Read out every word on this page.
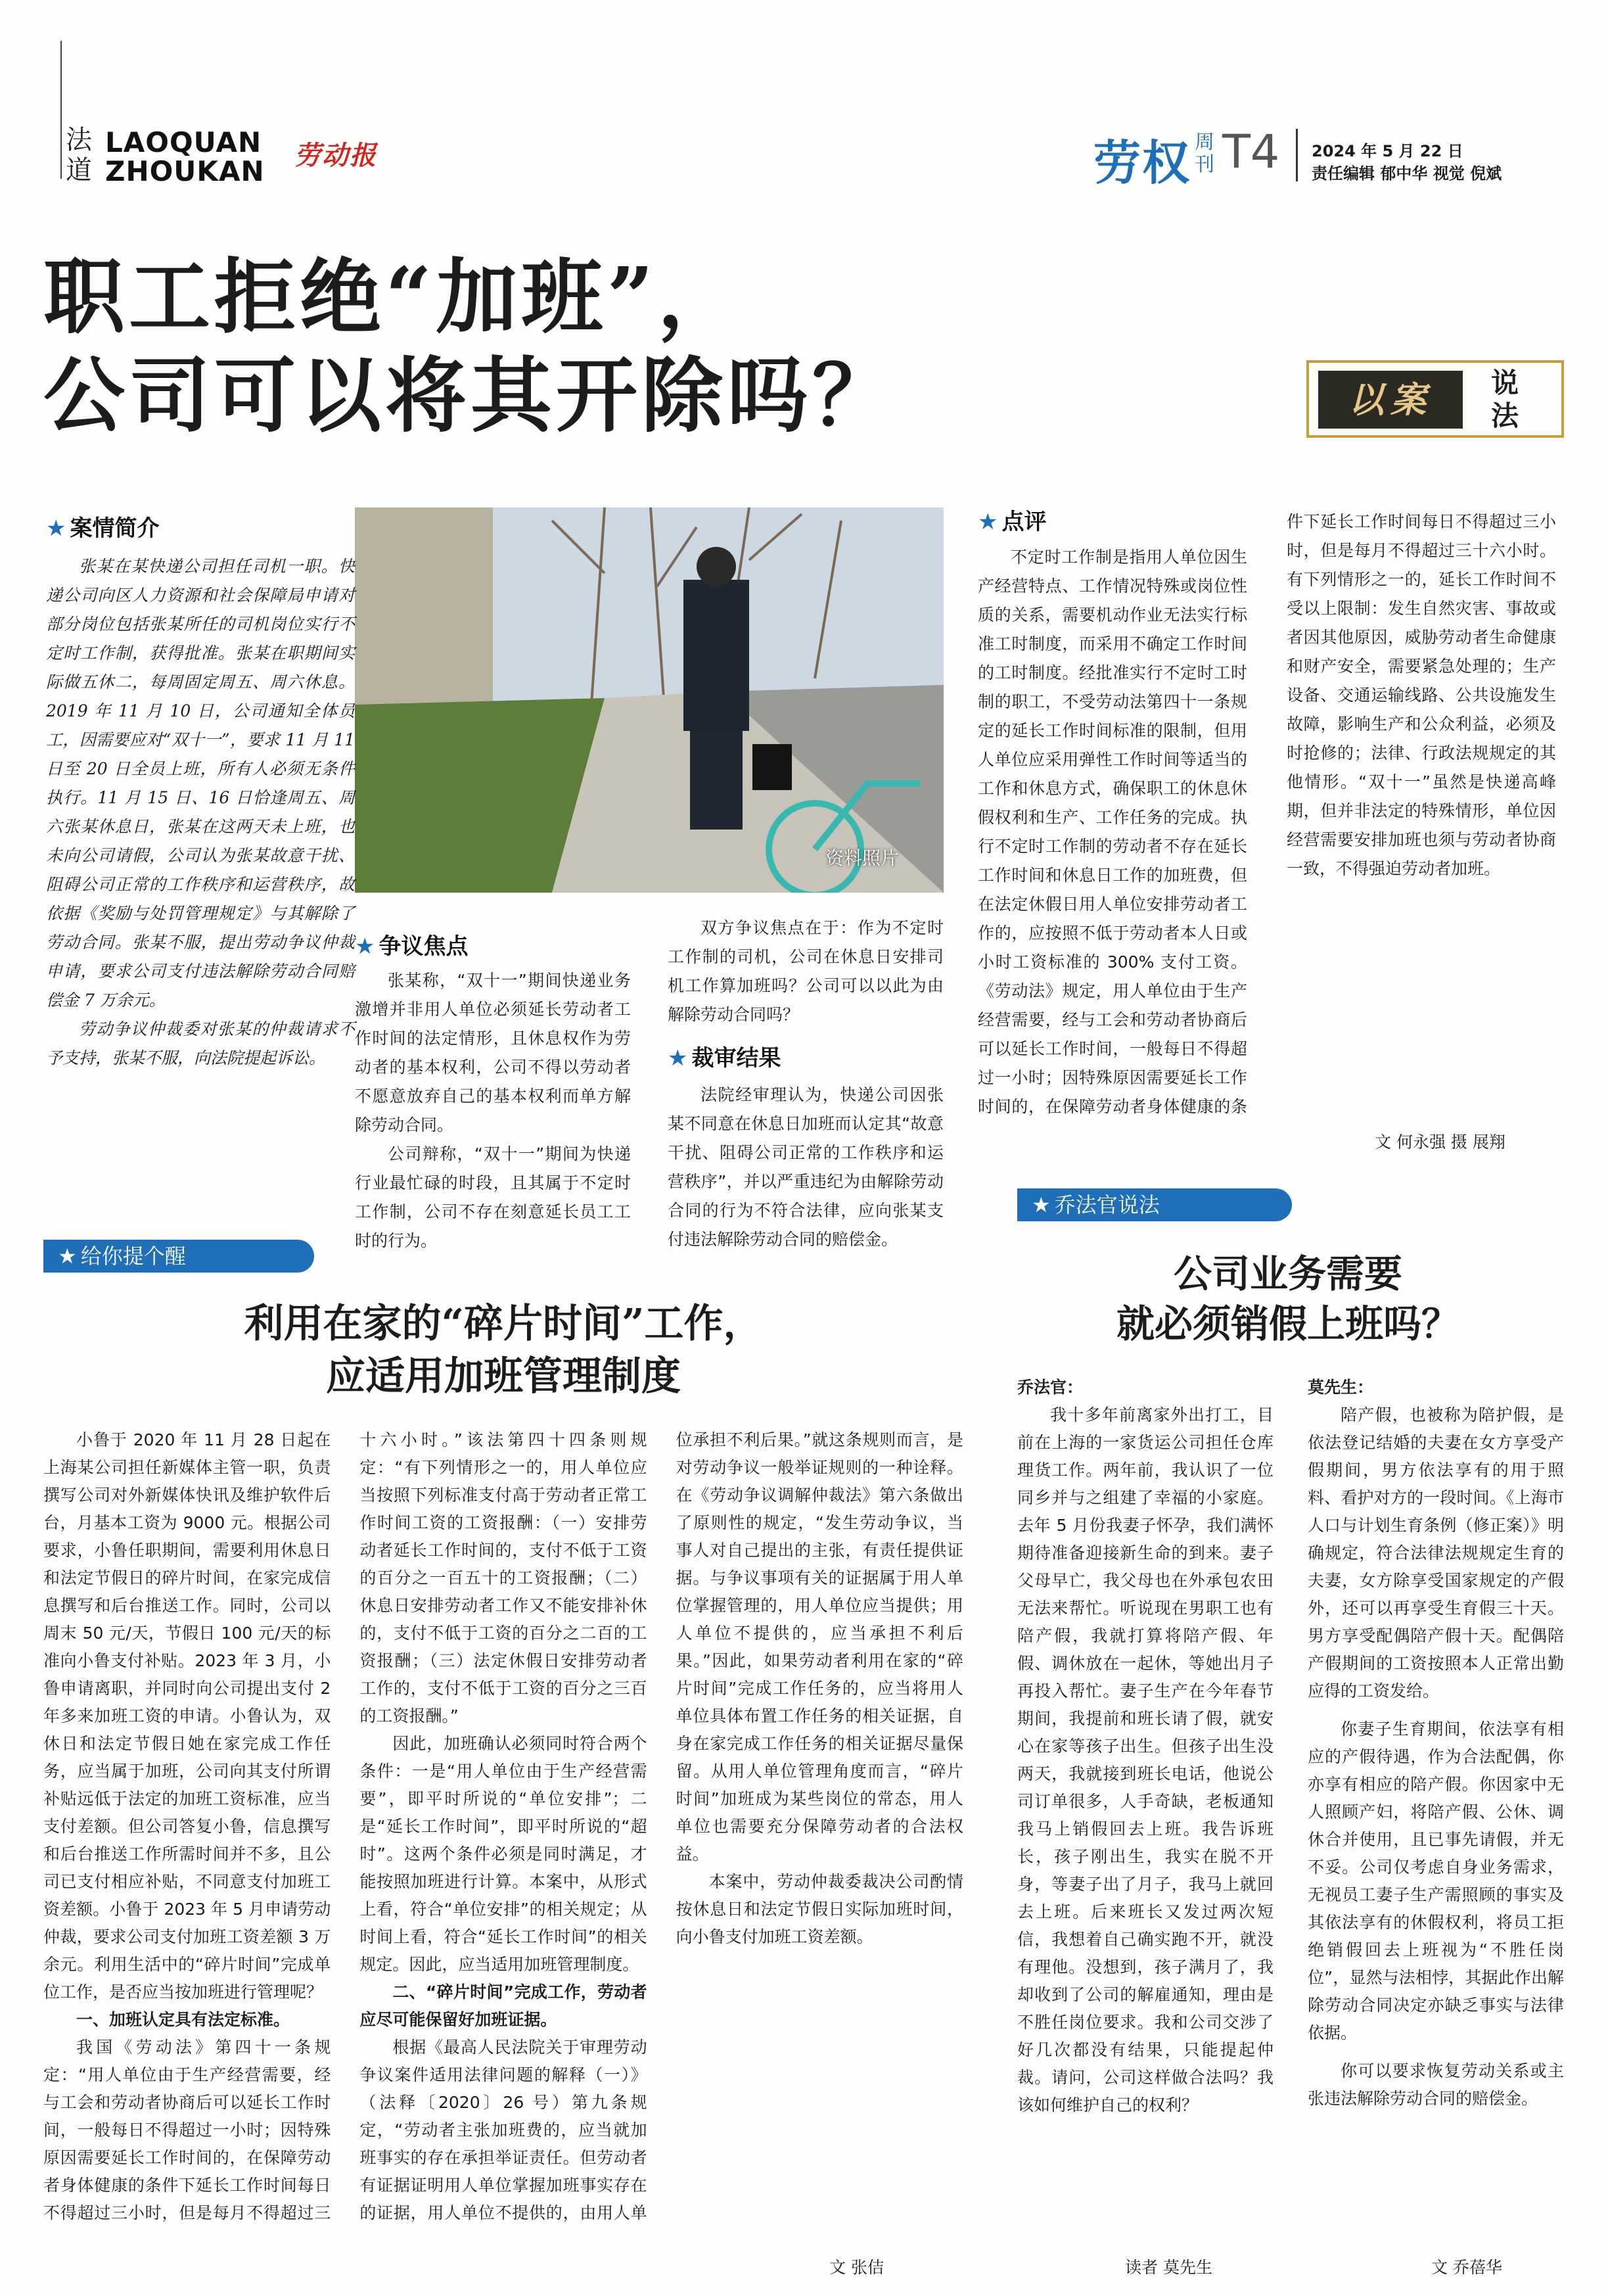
法道
LAOQUAN
ZHOUKAN 劳动报	劳权 周刊 T4 2024 年 5 月 22 日
责任编辑 郁中华 视觉 倪斌
职工拒绝“加班”，
公司可以将其开除吗？	以案	说法
资料照片
★ 案情简介

张某在某快递公司担任司机一职。快递公司向区人力资源和社会保障局申请对部分岗位包括张某所任的司机岗位实行不定时工作制，获得批准。张某在职期间实际做五休二，每周固定周五、周六休息。2019 年 11 月 10 日，公司通知全体员工，因需要应对“双十一”，要求 11 月 11 日至 20 日全员上班，所有人必须无条件执行。11 月 15 日、16 日恰逢周五、周六张某休息日，张某在这两天未上班，也未向公司请假，公司认为张某故意干扰、阻碍公司正常的工作秩序和运营秩序，故依据《奖励与处罚管理规定》与其解除了劳动合同。张某不服，提出劳动争议仲裁申请，要求公司支付违法解除劳动合同赔偿金 7 万余元。

劳动争议仲裁委对张某的仲裁请求不予支持，张某不服，向法院提起诉讼。

★ 争议焦点

张某称，“双十一”期间快递业务激增并非用人单位必须延长劳动者工作时间的法定情形，且休息权作为劳动者的基本权利，公司不得以劳动者不愿意放弃自己的基本权利而单方解除劳动合同。

公司辩称，“双十一”期间为快递行业最忙碌的时段，且其属于不定时工作制，公司不存在刻意延长员工工时的行为。

双方争议焦点在于：作为不定时工作制的司机，公司在休息日安排司机工作算加班吗？公司可以以此为由解除劳动合同吗？

★ 裁审结果

法院经审理认为，快递公司因张某不同意在休息日加班而认定其“故意干扰、阻碍公司正常的工作秩序和运营秩序”，并以严重违纪为由解除劳动合同的行为不符合法律，应向张某支付违法解除劳动合同的赔偿金。

★ 点评

不定时工作制是指用人单位因生产经营特点、工作情况特殊或岗位性质的关系，需要机动作业无法实行标准工时制度，而采用不确定工作时间的工时制度。经批准实行不定时工时制的职工，不受劳动法第四十一条规定的延长工作时间标准的限制，但用人单位应采用弹性工作时间等适当的工作和休息方式，确保职工的休息休假权利和生产、工作任务的完成。执行不定时工作制的劳动者不存在延长工作时间和休息日工作的加班费，但在法定休假日用人单位安排劳动者工作的，应按照不低于劳动者本人日或小时工资标准的 300% 支付工资。《劳动法》规定，用人单位由于生产经营需要，经与工会和劳动者协商后可以延长工作时间，一般每日不得超过一小时；因特殊原因需要延长工作时间的，在保障劳动者身体健康的条件下延长工作时间每日不得超过三小时，但是每月不得超过三十六小时。有下列情形之一的，延长工作时间不受以上限制：发生自然灾害、事故或者因其他原因，威胁劳动者生命健康和财产安全，需要紧急处理的；生产设备、交通运输线路、公共设施发生故障，影响生产和公众利益，必须及时抢修的；法律、行政法规规定的其他情形。“双十一”虽然是快递高峰期，但并非法定的特殊情形，单位因经营需要安排加班也须与劳动者协商一致，不得强迫劳动者加班。

文 何永强 摄 展翔
★ 给你提个醒
利用在家的“碎片时间”工作，
应适用加班管理制度

小鲁于 2020 年 11 月 28 日起在上海某公司担任新媒体主管一职，负责撰写公司对外新媒体快讯及维护软件后台，月基本工资为 9000 元。根据公司要求，小鲁任职期间，需要利用休息日和法定节假日的碎片时间，在家完成信息撰写和后台推送工作。同时，公司以周末 50 元/天，节假日 100 元/天的标准向小鲁支付补贴。2023 年 3 月，小鲁申请离职，并同时向公司提出支付 2 年多来加班工资的申请。小鲁认为，双休日和法定节假日她在家完成工作任务，应当属于加班，公司向其支付所谓补贴远低于法定的加班工资标准，应当支付差额。但公司答复小鲁，信息撰写和后台推送工作所需时间并不多，且公司已支付相应补贴，不同意支付加班工资差额。小鲁于 2023 年 5 月申请劳动仲裁，要求公司支付加班工资差额 3 万余元。利用生活中的“碎片时间”完成单位工作，是否应当按加班进行管理呢？

一、加班认定具有法定标准。

我国《劳动法》第四十一条规定：“用人单位由于生产经营需要，经与工会和劳动者协商后可以延长工作时间，一般每日不得超过一小时；因特殊原因需要延长工作时间的，在保障劳动者身体健康的条件下延长工作时间每日不得超过三小时，但是每月不得超过三十六小时。”该法第四十四条则规定：“有下列情形之一的，用人单位应当按照下列标准支付高于劳动者正常工作时间工资的工资报酬：（一）安排劳动者延长工作时间的，支付不低于工资的百分之一百五十的工资报酬；（二）休息日安排劳动者工作又不能安排补休的，支付不低于工资的百分之二百的工资报酬；（三）法定休假日安排劳动者工作的，支付不低于工资的百分之三百的工资报酬。”

因此，加班确认必须同时符合两个条件：一是“用人单位由于生产经营需要”，即平时所说的“单位安排”；二是“延长工作时间”，即平时所说的“超时”。这两个条件必须是同时满足，才能按照加班进行计算。本案中，从形式上看，符合“单位安排”的相关规定；从时间上看，符合“延长工作时间”的相关规定。因此，应当适用加班管理制度。

二、“碎片时间”完成工作，劳动者应尽可能保留好加班证据。

根据《最高人民法院关于审理劳动争议案件适用法律问题的解释（一）》（法释〔2020〕26 号）第九条规定，“劳动者主张加班费的，应当就加班事实的存在承担举证责任。但劳动者有证据证明用人单位掌握加班事实存在的证据，用人单位不提供的，由用人单位承担不利后果。”就这条规则而言，是对劳动争议一般举证规则的一种诠释。在《劳动争议调解仲裁法》第六条做出了原则性的规定，“发生劳动争议，当事人对自己提出的主张，有责任提供证据。与争议事项有关的证据属于用人单位掌握管理的，用人单位应当提供；用人单位不提供的，应当承担不利后果。”因此，如果劳动者利用在家的“碎片时间”完成工作任务的，应当将用人单位具体布置工作任务的相关证据，自身在家完成工作任务的相关证据尽量保留。从用人单位管理角度而言，“碎片时间”加班成为某些岗位的常态，用人单位也需要充分保障劳动者的合法权益。

本案中，劳动仲裁委裁决公司酌情按休息日和法定节假日实际加班时间，向小鲁支付加班工资差额。

文 张佶
★ 乔法官说法
公司业务需要
就必须销假上班吗？
乔法官：

我十多年前离家外出打工，目前在上海的一家货运公司担任仓库理货工作。两年前，我认识了一位同乡并与之组建了幸福的小家庭。去年 5 月份我妻子怀孕，我们满怀期待准备迎接新生命的到来。妻子父母早亡，我父母也在外承包农田无法来帮忙。听说现在男职工也有陪产假，我就打算将陪产假、年假、调休放在一起休，等她出月子再投入帮忙。妻子生产在今年春节期间，我提前和班长请了假，就安心在家等孩子出生。但孩子出生没两天，我就接到班长电话，他说公司订单很多，人手奇缺，老板通知我马上销假回去上班。我告诉班长，孩子刚出生，我实在脱不开身，等妻子出了月子，我马上就回去上班。后来班长又发过两次短信，我想着自己确实跑不开，就没有理他。没想到，孩子满月了，我却收到了公司的解雇通知，理由是不胜任岗位要求。我和公司交涉了好几次都没有结果，只能提起仲裁。请问，公司这样做合法吗？我该如何维护自己的权利？

读者 莫先生
莫先生：

陪产假，也被称为陪护假，是依法登记结婚的夫妻在女方享受产假期间，男方依法享有的用于照料、看护对方的一段时间。《上海市人口与计划生育条例（修正案）》明确规定，符合法律法规规定生育的夫妻，女方除享受国家规定的产假外，还可以再享受生育假三十天。男方享受配偶陪产假十天。配偶陪产假期间的工资按照本人正常出勤应得的工资发给。

你妻子生育期间，依法享有相应的产假待遇，作为合法配偶，你亦享有相应的陪产假。你因家中无人照顾产妇，将陪产假、公休、调休合并使用，且已事先请假，并无不妥。公司仅考虑自身业务需求，无视员工妻子生产需照顾的事实及其依法享有的休假权利，将员工拒绝销假回去上班视为“不胜任岗位”，显然与法相悖，其据此作出解除劳动合同决定亦缺乏事实与法律依据。

你可以要求恢复劳动关系或主张违法解除劳动合同的赔偿金。

文 乔蓓华
